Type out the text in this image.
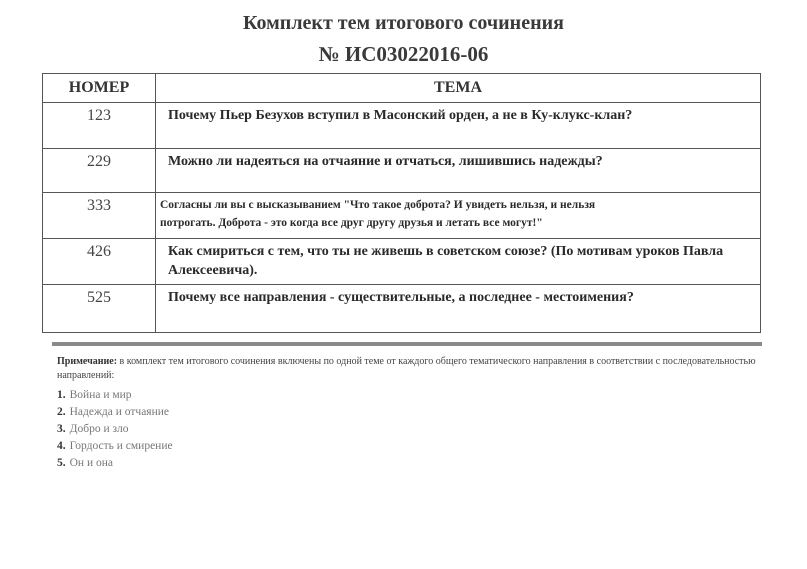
Комплект тем итогового сочинения
№ ИС03022016-06
НОМЕР	ТЕМА
123	Почему Пьер Безухов вступил в Масонский орден, а не в Ку-клукс-клан?
229	Можно ли надеяться на отчаяние и отчаться, лишившись надежды?
333	Согласны ли вы с высказыванием "Что такое доброта? И увидеть нельзя, и нельзя
потрогать. Доброта - это когда все друг другу друзья и летать все могут!"

426	Как смириться с тем, что ты не живешь в советском союзе? (По мотивам уроков Павла Алексеевича).
525	Почему все направления - существительные, а последнее - местоимения?
Примечание: в комплект тем итогового сочинения включены по одной теме от каждого общего тематического направления в соответствии с последовательностью направлений:
1. Война и мир
2. Надежда и отчаяние
3. Добро и зло
4. Гордость и смирение
5. Он и она
